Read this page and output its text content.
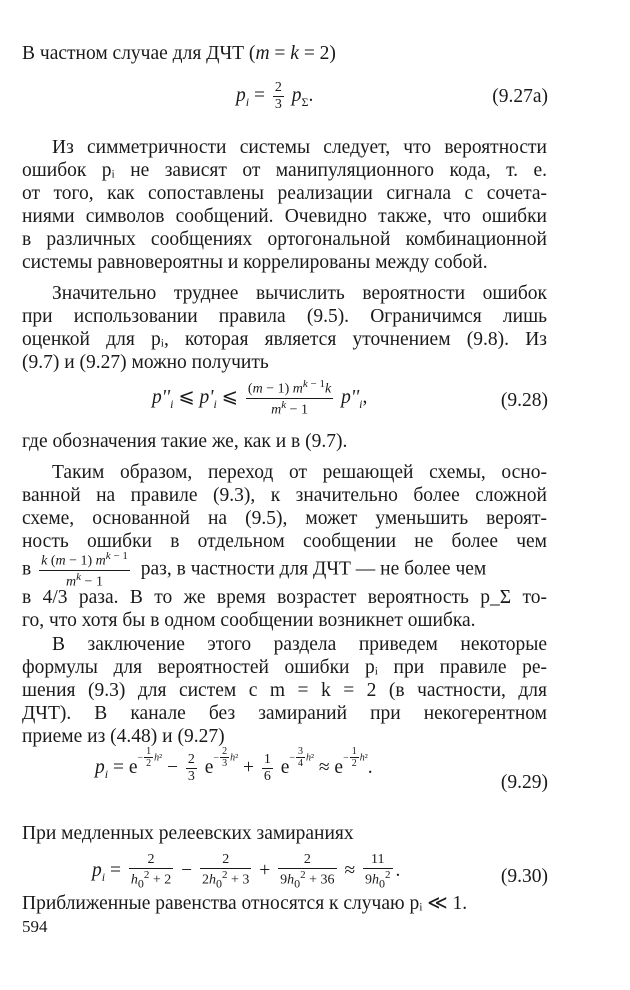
В частном случае для ДЧТ (m = k = 2)
$p_i = \frac{2}{3} p_\Sigma$.	(9.27a)
Из симметричности системы следует, что вероятности
ошибок pᵢ не зависят от манипуляционного кода, т. е.
от того, как сопоставлены реализации сигнала с сочета-
ниями символов сообщений. Очевидно также, что ошибки
в различных сообщениях ортогональной комбинационной
системы равновероятны и коррелированы между собой.
Значительно труднее вычислить вероятности ошибок
при использовании правила (9.5). Ограничимся лишь
оценкой для pᵢ, которая является уточнением (9.8). Из
(9.7) и (9.27) можно получить
$p''_i$ ⩽ $p'_i$ ⩽ $\frac{(m - 1) m^{k - 1}k}{m^k - 1} p''_i$,	(9.28)
где обозначения такие же, как и в (9.7).
Таким образом, переход от решающей схемы, осно-
ванной на правиле (9.3), к значительно более сложной
схеме, основанной на (9.5), может уменьшить вероят-
ность ошибки в отдельном сообщении не более чем
в $\frac{k (m - 1) m^{k - 1}}{m^k - 1}$ раз, в частности для ДЧТ — не более чем
в 4/3 раза. В то же время возрастет вероятность p_Σ то-
го, что хотя бы в одном сообщении возникнет ошибка.
В заключение этого раздела приведем некоторые
формулы для вероятностей ошибки pᵢ при правиле ре-
шения (9.3) для систем с m = k = 2 (в частности, для
ДЧТ). В канале без замираний при некогерентном
приеме из (4.48) и (9.27)
$p_i = e- \frac{1}{2} h^2 - \frac{2}{3} e- \frac{2}{3} h^2 + \frac{1}{6} e- \frac{3}{4} h^2 \approx e- \frac{1}{2} h^2$.
(9.29)
При медленных релеевских замираниях
$p_i = \frac{2}{h0^2 + 2} - \frac{2}{2h0^2 + 3} + \frac{2}{9h0^2 + 36} \approx \frac{11}{9h0^2}$ .	(9.30)
Приближенные равенства относятся к случаю pᵢ ≪ 1.
594
